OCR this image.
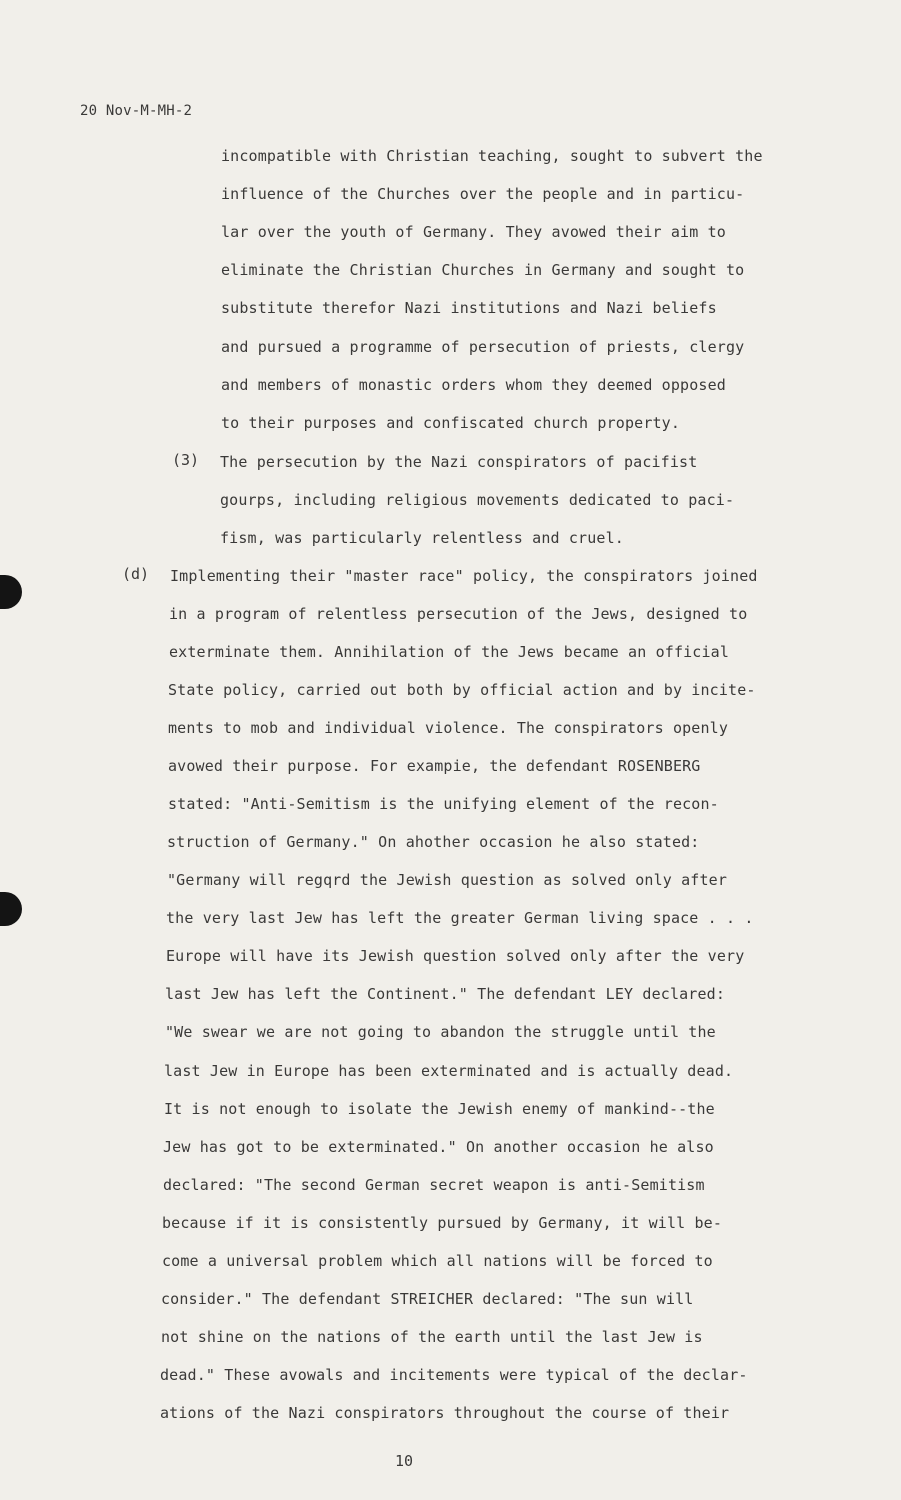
20 Nov-M-MH-2
incompatible with Christian teaching, sought to subvert the
influence of the Churches over the people and in particu-
lar over the youth of Germany. They avowed their aim to
eliminate the Christian Churches in Germany and sought to
substitute therefor Nazi institutions and Nazi beliefs
and pursued a programme of persecution of priests, clergy
and members of monastic orders whom they deemed opposed
to their purposes and confiscated church property.
(3) The persecution by the Nazi conspirators of pacifist
gourps, including religious movements dedicated to paci-
fism, was particularly relentless and cruel.
(d) Implementing their "master race" policy, the conspirators joined
in a program of relentless persecution of the Jews, designed to
exterminate them. Annihilation of the Jews became an official
State policy, carried out both by official action and by incite-
ments to mob and individual violence. The conspirators openly
avowed their purpose. For exampie, the defendant ROSENBERG
stated: "Anti-Semitism is the unifying element of the recon-
struction of Germany." On ahother occasion he also stated:
"Germany will regqrd the Jewish question as solved only after
the very last Jew has left the greater German living space . . .
Europe will have its Jewish question solved only after the very
last Jew has left the Continent." The defendant LEY declared:
"We swear we are not going to abandon the struggle until the
last Jew in Europe has been exterminated and is actually dead.
It is not enough to isolate the Jewish enemy of mankind--the
Jew has got to be exterminated." On another occasion he also
declared: "The second German secret weapon is anti-Semitism
because if it is consistently pursued by Germany, it will be-
come a universal problem which all nations will be forced to
consider." The defendant STREICHER declared: "The sun will
not shine on the nations of the earth until the last Jew is
dead." These avowals and incitements were typical of the declar-
ations of the Nazi conspirators throughout the course of their
10
